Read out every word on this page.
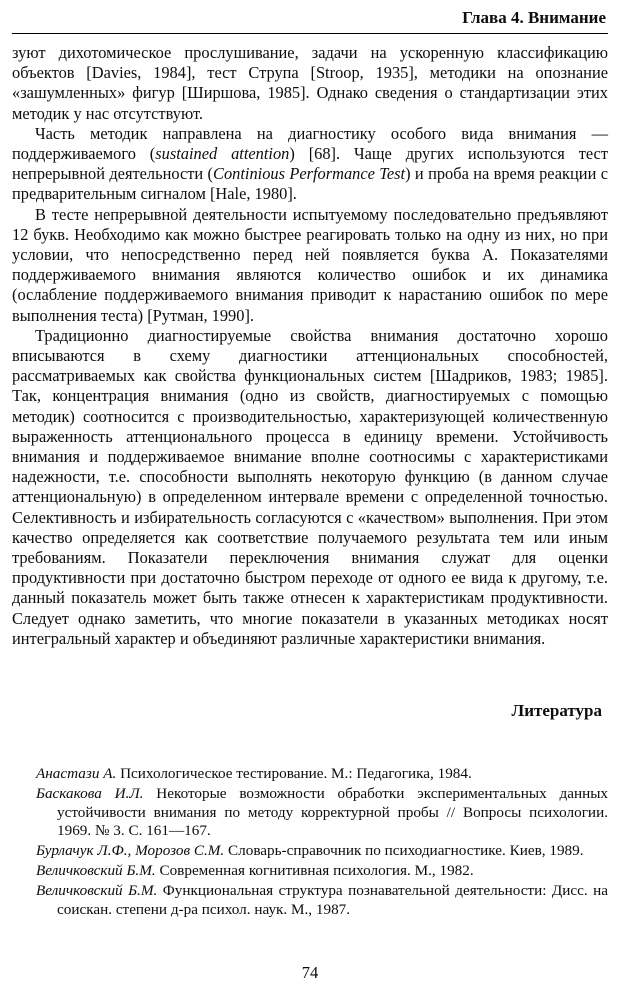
Глава 4. Внимание

зуют дихотомическое прослушивание, задачи на ускоренную классификацию объектов [Davies, 1984], тест Струпа [Stroop, 1935], методики на опознание «зашумленных» фигур [Ширшова, 1985]. Однако сведения о стандартизации этих методик у нас отсутствуют.

Часть методик направлена на диагностику особого вида внимания — поддерживаемого (sustained attention) [68]. Чаще других используются тест непрерывной деятельности (Continious Performance Test) и проба на время реакции с предварительным сигналом [Hale, 1980].

В тесте непрерывной деятельности испытуемому последовательно предъявляют 12 букв. Необходимо как можно быстрее реагировать только на одну из них, но при условии, что непосредственно перед ней появляется буква А. Показателями поддерживаемого внимания являются количество ошибок и их динамика (ослабление поддерживаемого внимания приводит к нарастанию ошибок по мере выполнения теста) [Рутман, 1990].

Традиционно диагностируемые свойства внимания достаточно хорошо вписываются в схему диагностики аттенциональных способностей, рассматриваемых как свойства функциональных систем [Шадриков, 1983; 1985]. Так, концентрация внимания (одно из свойств, диагностируемых с помощью методик) соотносится с производительностью, характеризующей количественную выраженность аттенционального процесса в единицу времени. Устойчивость внимания и поддерживаемое внимание вполне соотносимы с характеристиками надежности, т.е. способности выполнять некоторую функцию (в данном случае аттенциональную) в определенном интервале времени с определенной точностью. Селективность и избирательность согласуются с «качеством» выполнения. При этом качество определяется как соответствие получаемого результата тем или иным требованиям. Показатели переключения внимания служат для оценки продуктивности при достаточно быстром переходе от одного ее вида к другому, т.е. данный показатель может быть также отнесен к характеристикам продуктивности. Следует однако заметить, что многие показатели в указанных методиках носят интегральный характер и объединяют различные характеристики внимания.

Литература

Анастази А. Психологическое тестирование. М.: Педагогика, 1984.

Баскакова И.Л. Некоторые возможности обработки экспериментальных данных устойчивости внимания по методу корректурной пробы // Вопросы психологии. 1969. № 3. С. 161—167.

Бурлачук Л.Ф., Морозов С.М. Словарь-справочник по психодиагностике. Киев, 1989.

Величковский Б.М. Современная когнитивная психология. М., 1982.

Величковский Б.М. Функциональная структура познавательной деятельности: Дисс. на соискан. степени д-ра психол. наук. М., 1987.

74
